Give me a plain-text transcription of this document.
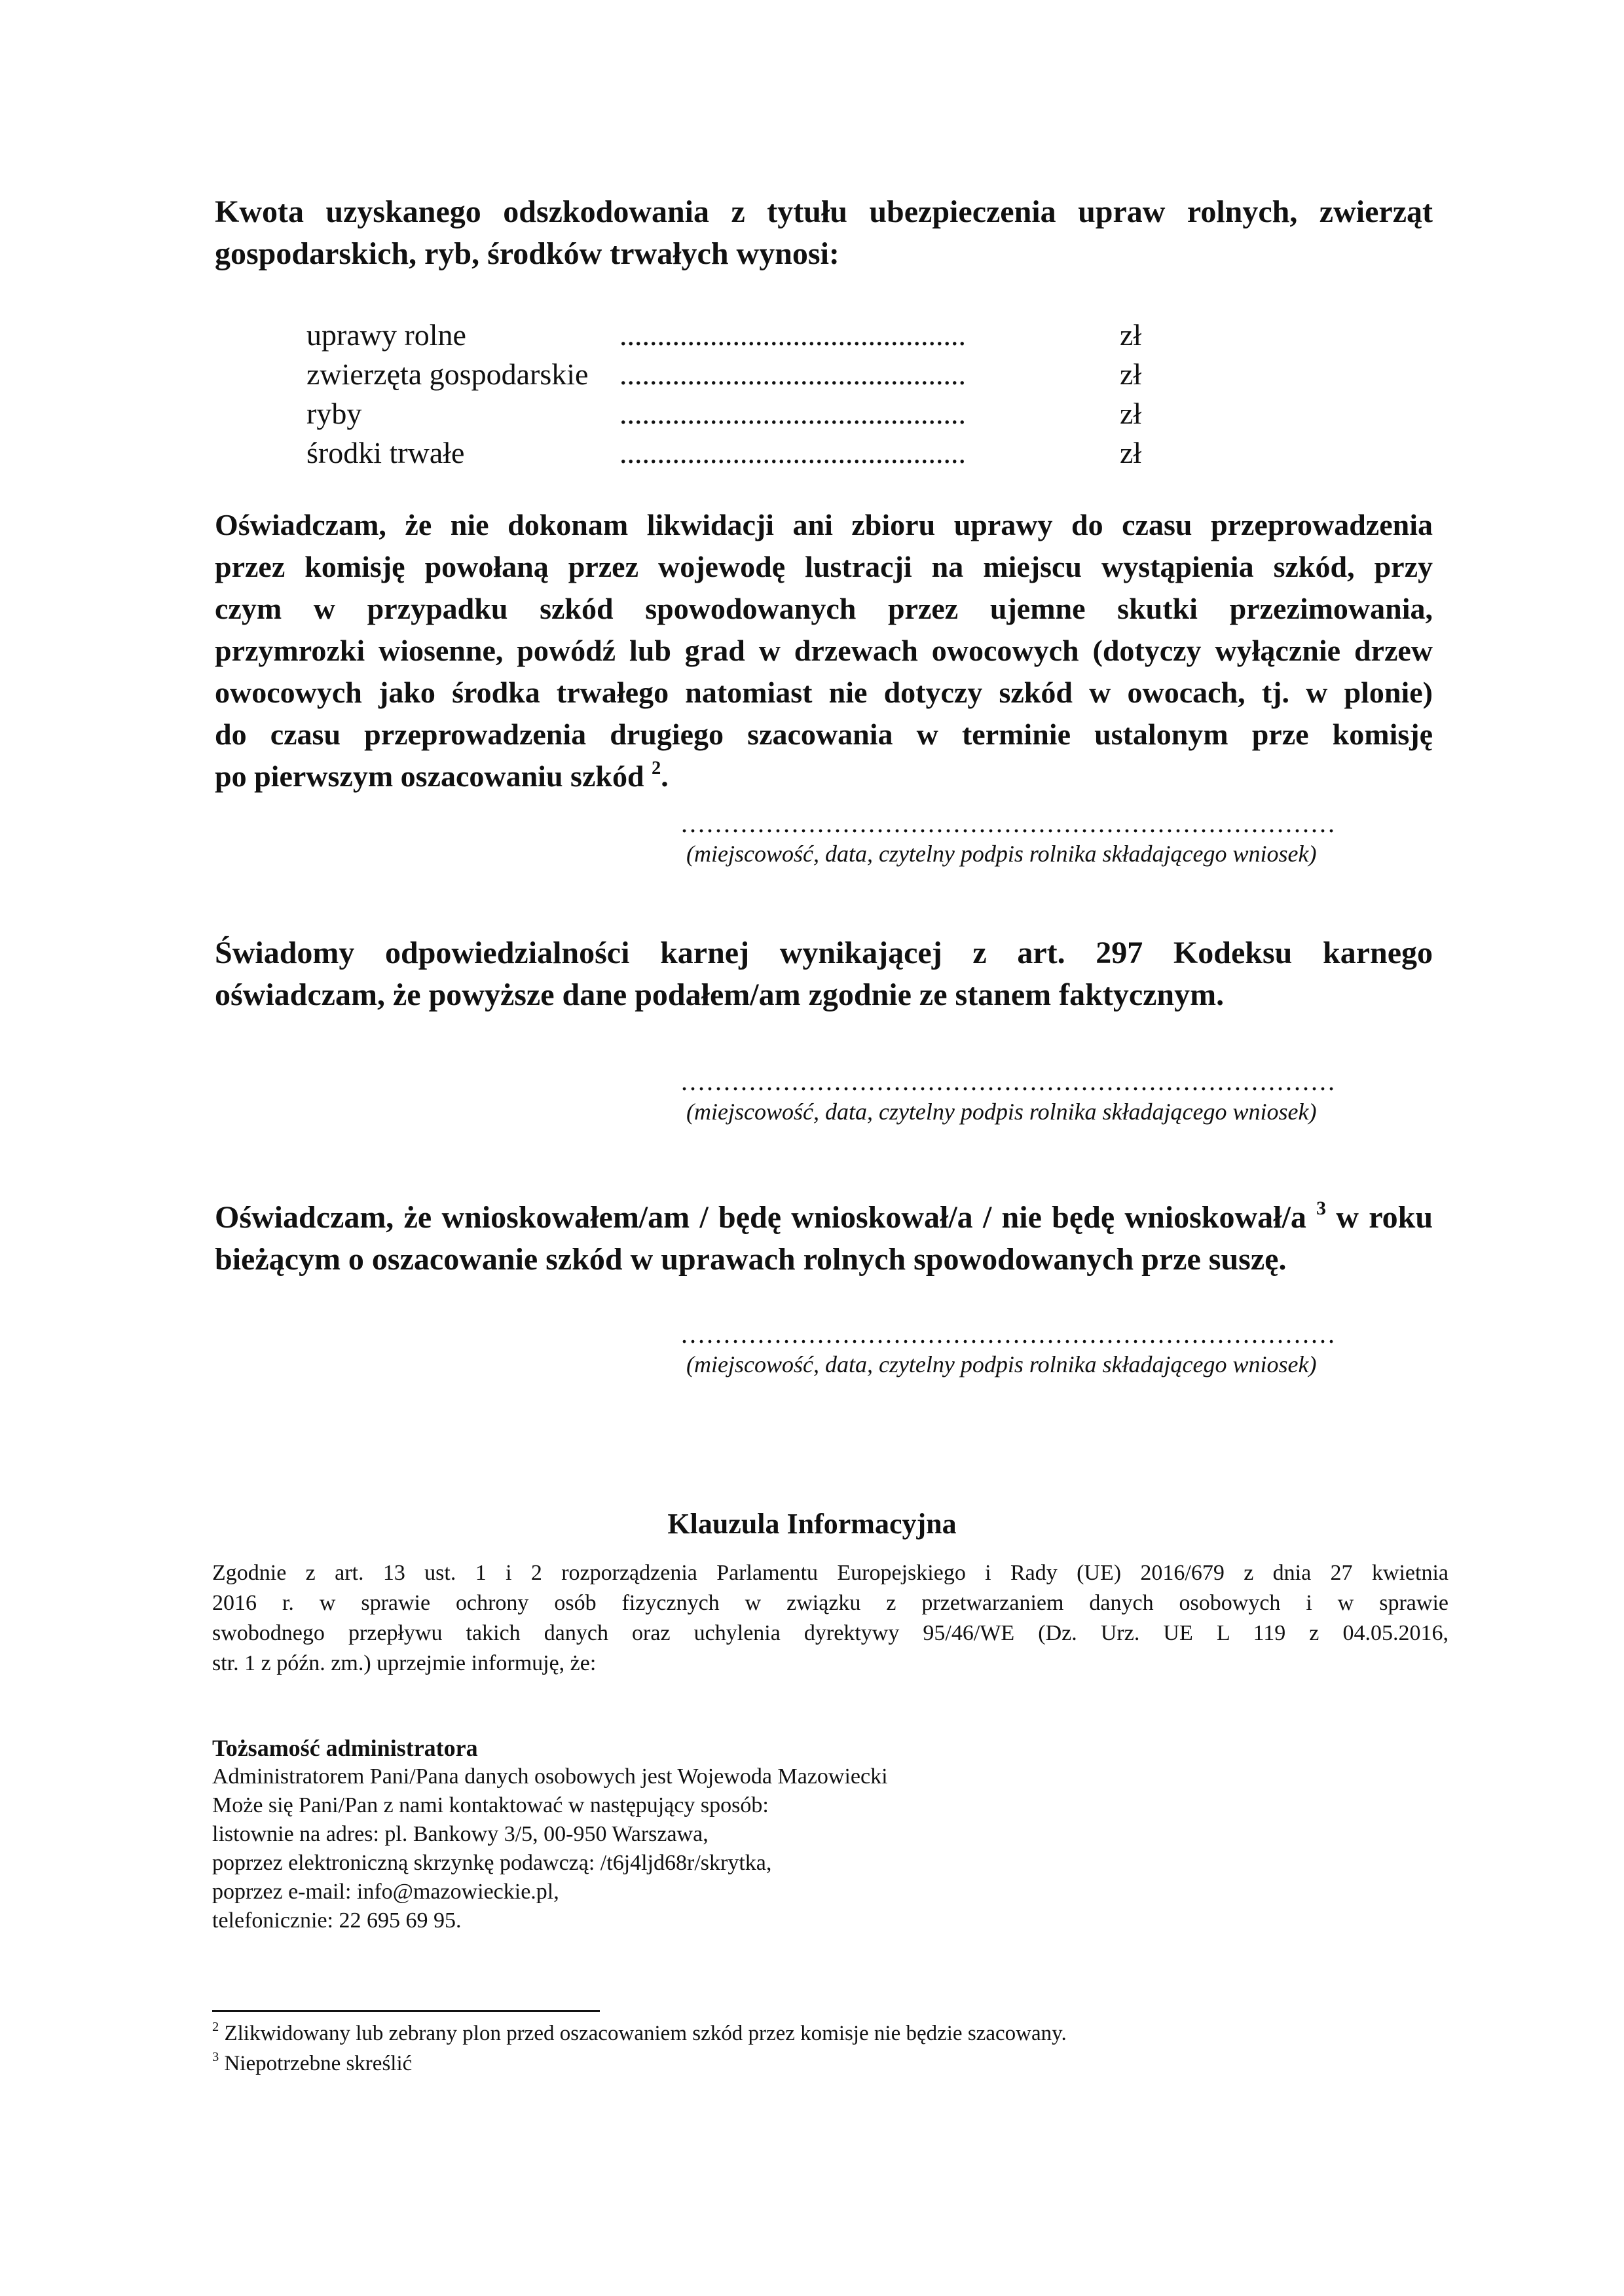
Kwota uzyskanego odszkodowania z tytułu ubezpieczenia upraw rolnych, zwierząt
gospodarskich, ryb, środków trwałych wynosi:
uprawy rolne	..............................................	zł
zwierzęta gospodarskie ..............................................	zł
ryby	..............................................	zł
środki trwałe	..............................................	zł
Oświadczam, że nie dokonam likwidacji ani zbioru uprawy do czasu przeprowadzenia
przez komisję powołaną przez wojewodę lustracji na miejscu wystąpienia szkód, przy
czym w przypadku szkód spowodowanych przez ujemne skutki przezimowania,
przymrozki wiosenne, powódź lub grad w drzewach owocowych (dotyczy wyłącznie drzew
owocowych jako środka trwałego natomiast nie dotyczy szkód w owocach, tj. w plonie)
do czasu przeprowadzenia drugiego szacowania w terminie ustalonym prze komisję
po pierwszym oszacowaniu szkód $^2$.
.............................................................................
(miejscowość, data, czytelny podpis rolnika składającego wniosek)
Świadomy odpowiedzialności karnej wynikającej z art. 297 Kodeksu karnego
oświadczam, że powyższe dane podałem/am zgodnie ze stanem faktycznym.
.............................................................................
(miejscowość, data, czytelny podpis rolnika składającego wniosek)
Oświadczam, że wnioskowałem/am / będę wnioskował/a / nie będę wnioskował/a $^3$ w roku
bieżącym o oszacowanie szkód w uprawach rolnych spowodowanych prze suszę.
.............................................................................
(miejscowość, data, czytelny podpis rolnika składającego wniosek)
Klauzula Informacyjna
Zgodnie z art. 13 ust. 1 i 2 rozporządzenia Parlamentu Europejskiego i Rady (UE) 2016/679 z dnia 27 kwietnia
2016 r. w sprawie ochrony osób fizycznych w związku z przetwarzaniem danych osobowych i w sprawie
swobodnego przepływu takich danych oraz uchylenia dyrektywy 95/46/WE (Dz. Urz. UE L 119 z 04.05.2016,
str. 1 z późn. zm.) uprzejmie informuję, że:
Tożsamość administratora
Administratorem Pani/Pana danych osobowych jest Wojewoda Mazowiecki
Może się Pani/Pan z nami kontaktować w następujący sposób:
listownie na adres: pl. Bankowy 3/5, 00-950 Warszawa,
poprzez elektroniczną skrzynkę podawczą: /t6j4ljd68r/skrytka,
poprzez e-mail: info@mazowieckie.pl,
telefonicznie: 22 695 69 95.
$^2$ Zlikwidowany lub zebrany plon przed oszacowaniem szkód przez komisje nie będzie szacowany.
$^3$ Niepotrzebne skreślić
